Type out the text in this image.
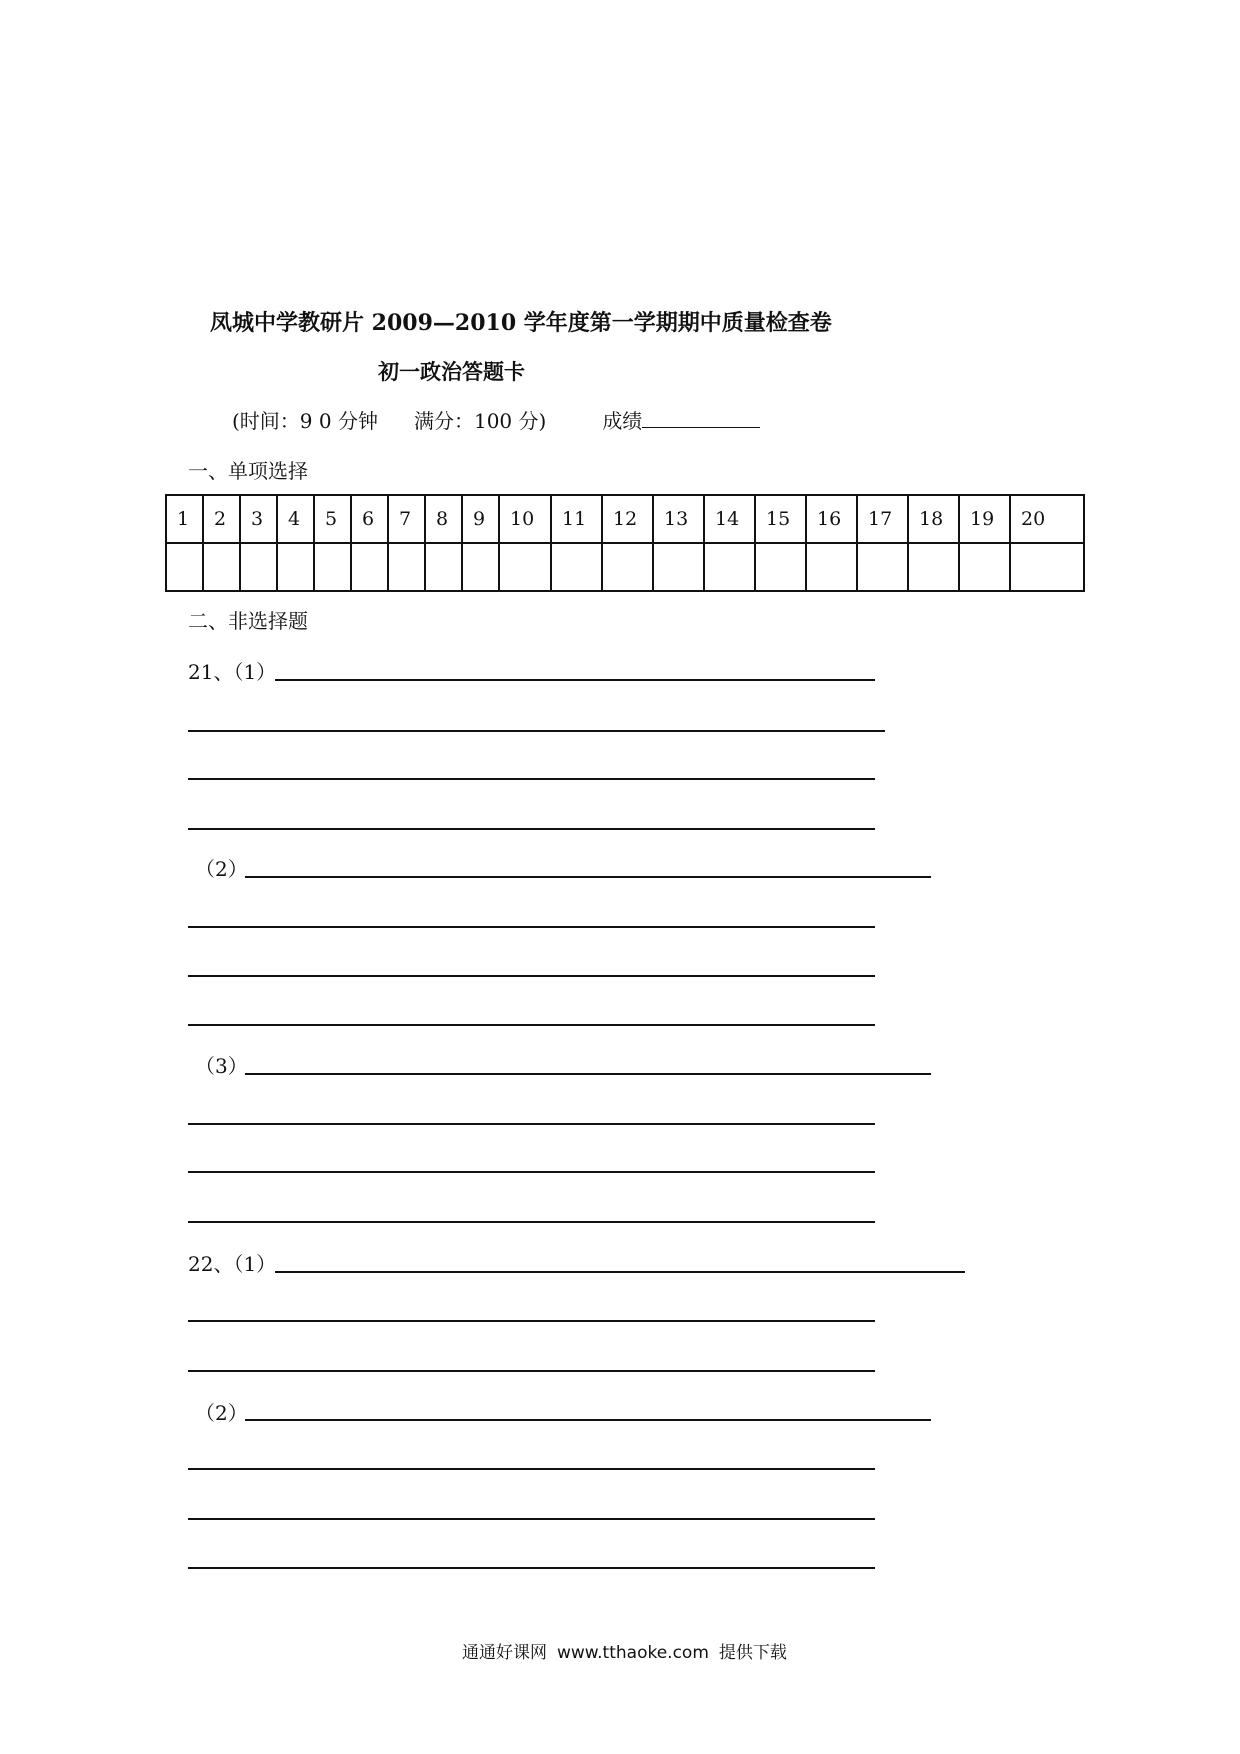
凤城中学教研片 2009—2010 学年度第一学期期中质量检查卷
初一政治答题卡
(时间：9 0 分钟 满分：100 分)	成绩
一、单项选择
1	2	3	4	5	6	7	8	9	10	11	12	13	14	15	16	17	18	19	20

二、非选择题
21、（1）
（2）
（3）
22、（1）
（2）
通通好课网 www.tthaoke.com 提供下载
